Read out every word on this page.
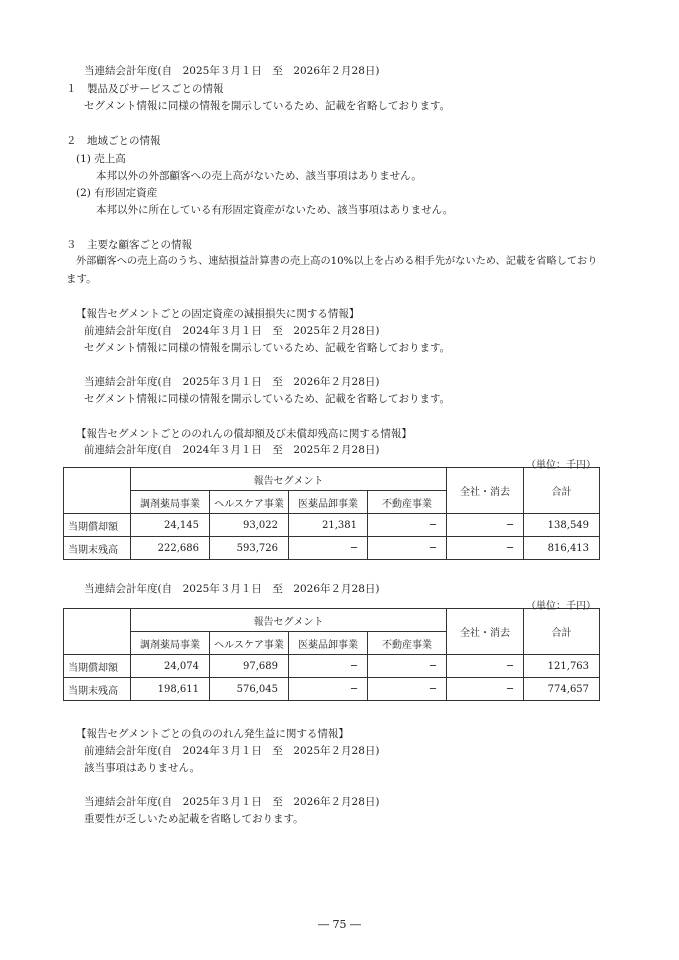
当連結会計年度(自　2025年３月１日　至　2026年２月28日)
１　製品及びサービスごとの情報
セグメント情報に同様の情報を開示しているため、記載を省略しております。
２　地域ごとの情報
(1) 売上高
本邦以外の外部顧客への売上高がないため、該当事項はありません。
(2) 有形固定資産
本邦以外に所在している有形固定資産がないため、該当事項はありません。
３　主要な顧客ごとの情報
外部顧客への売上高のうち、連結損益計算書の売上高の10%以上を占める相手先がないため、記載を省略しており
ます。
【報告セグメントごとの固定資産の減損損失に関する情報】
前連結会計年度(自　2024年３月１日　至　2025年２月28日)
セグメント情報に同様の情報を開示しているため、記載を省略しております。
当連結会計年度(自　2025年３月１日　至　2026年２月28日)
セグメント情報に同様の情報を開示しているため、記載を省略しております。
【報告セグメントごとののれんの償却額及び未償却残高に関する情報】
前連結会計年度(自　2024年３月１日　至　2025年２月28日)
（単位：千円）
	報告セグメント				全社・消去	合計
	調剤薬局事業	ヘルスケア事業	医薬品卸事業	不動産事業		
当期償却額	24,145	93,022	21,381	─	─	138,549
当期末残高	222,686	593,726	─	─	─	816,413
当連結会計年度(自　2025年３月１日　至　2026年２月28日)
（単位：千円）
	報告セグメント				全社・消去	合計
	調剤薬局事業	ヘルスケア事業	医薬品卸事業	不動産事業		
当期償却額	24,074	97,689	─	─	─	121,763
当期末残高	198,611	576,045	─	─	─	774,657
【報告セグメントごとの負ののれん発生益に関する情報】
前連結会計年度(自　2024年３月１日　至　2025年２月28日)
該当事項はありません。
当連結会計年度(自　2025年３月１日　至　2026年２月28日)
重要性が乏しいため記載を省略しております。
― 75 ―
